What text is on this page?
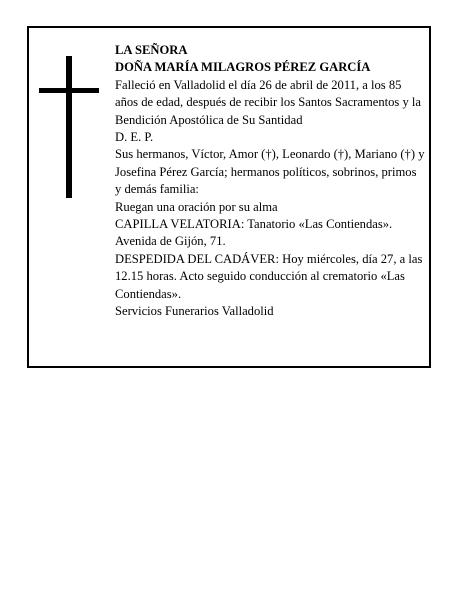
LA SEÑORA

DOÑA MARÍA MILAGROS PÉREZ GARCÍA

Falleció en Valladolid el día 26 de abril de 2011, a los 85 años de edad, después de recibir los Santos Sacramentos y la Bendición Apostólica de Su Santidad

D. E. P.

Sus hermanos, Víctor, Amor (†), Leonardo (†), Mariano (†) y Josefina Pérez García; hermanos políticos, sobrinos, primos y demás familia:

Ruegan una oración por su alma

CAPILLA VELATORIA: Tanatorio «Las Contiendas». Avenida de Gijón, 71.

DESPEDIDA DEL CADÁVER: Hoy miércoles, día 27, a las 12.15 horas. Acto seguido conducción al crematorio «Las Contiendas».

Servicios Funerarios Valladolid
